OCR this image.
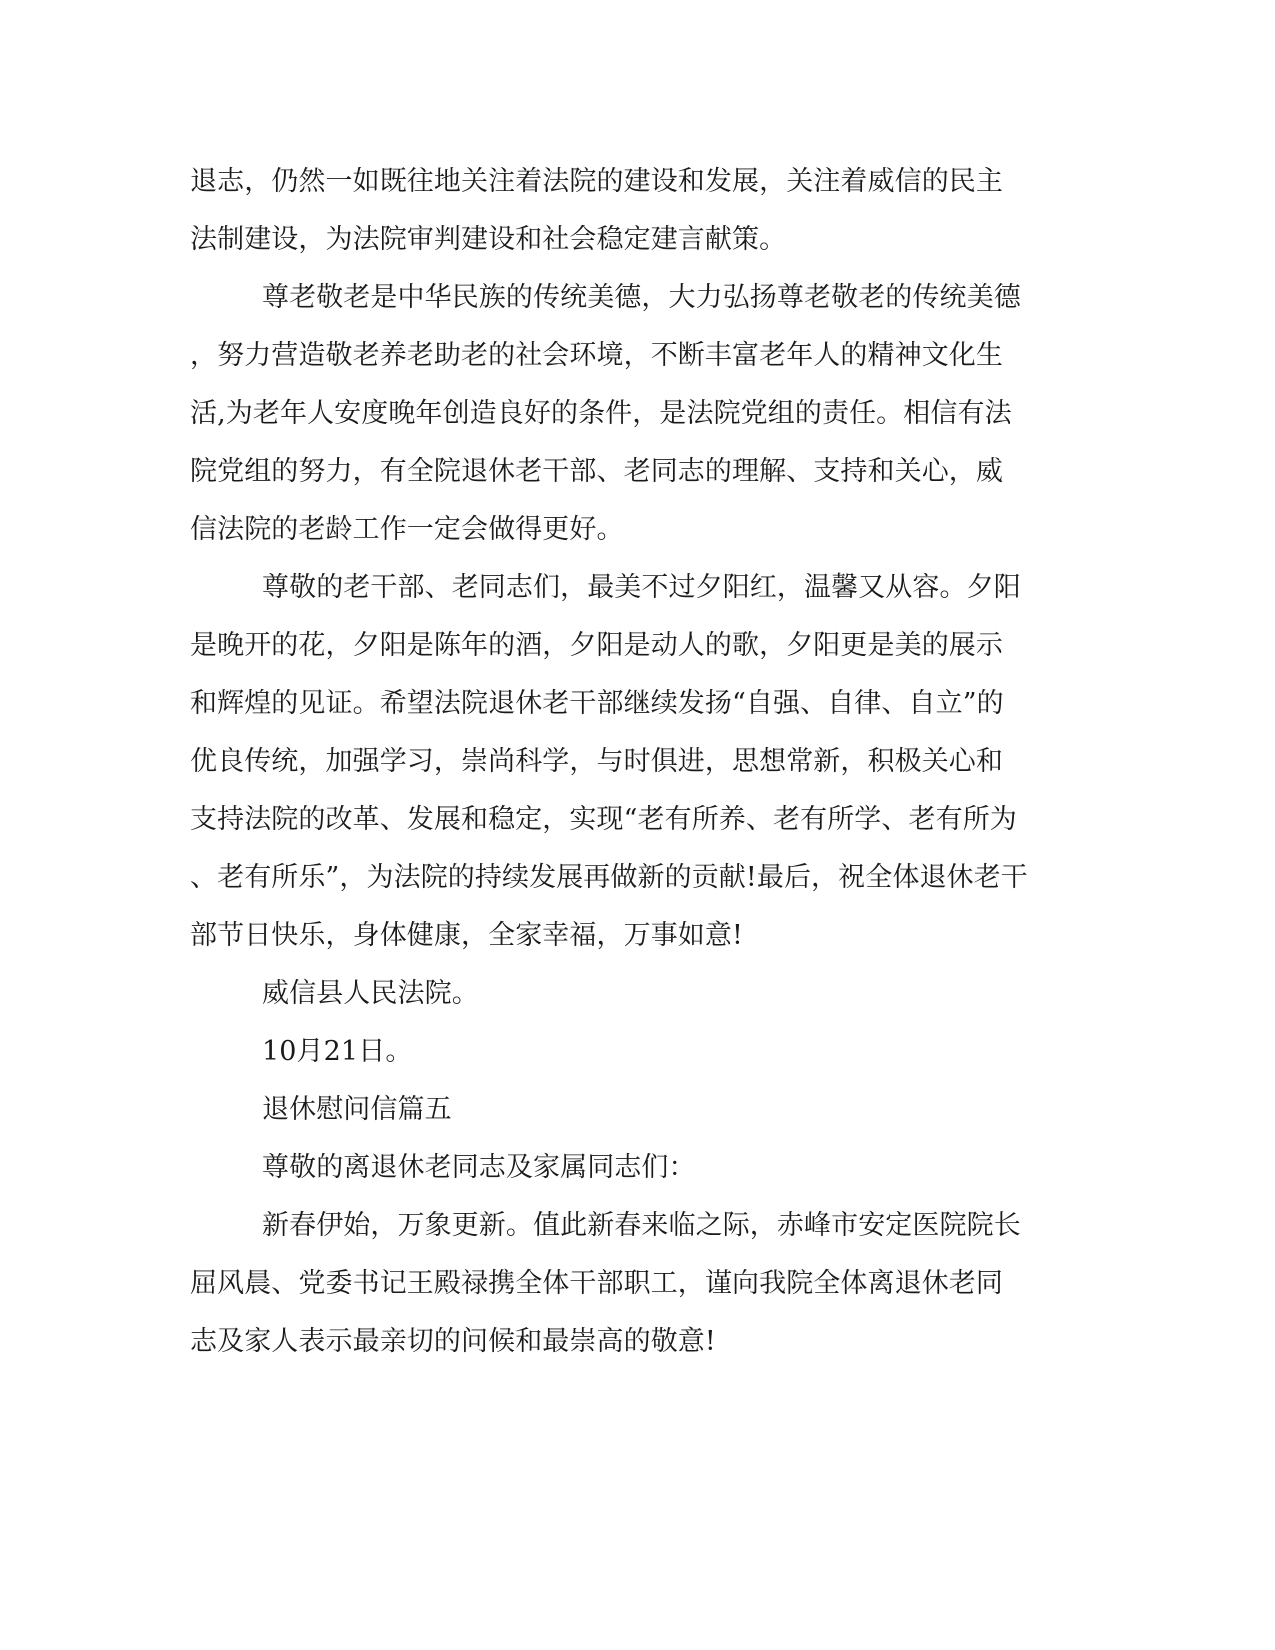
退志，仍然一如既往地关注着法院的建设和发展，关注着威信的民主
法制建设，为法院审判建设和社会稳定建言献策。
尊老敬老是中华民族的传统美德，大力弘扬尊老敬老的传统美德
，努力营造敬老养老助老的社会环境，不断丰富老年人的精神文化生
活,为老年人安度晚年创造良好的条件，是法院党组的责任。相信有法
院党组的努力，有全院退休老干部、老同志的理解、支持和关心，威
信法院的老龄工作一定会做得更好。
尊敬的老干部、老同志们，最美不过夕阳红，温馨又从容。夕阳
是晚开的花，夕阳是陈年的酒，夕阳是动人的歌，夕阳更是美的展示
和辉煌的见证。希望法院退休老干部继续发扬“自强、自律、自立”的
优良传统，加强学习，崇尚科学，与时俱进，思想常新，积极关心和
支持法院的改革、发展和稳定，实现“老有所养、老有所学、老有所为
、老有所乐”，为法院的持续发展再做新的贡献!最后，祝全体退休老干
部节日快乐，身体健康，全家幸福，万事如意!
威信县人民法院。
10月21日。
退休慰问信篇五
尊敬的离退休老同志及家属同志们：
新春伊始，万象更新。值此新春来临之际，赤峰市安定医院院长
屈风晨、党委书记王殿禄携全体干部职工，谨向我院全体离退休老同
志及家人表示最亲切的问候和最崇高的敬意!
